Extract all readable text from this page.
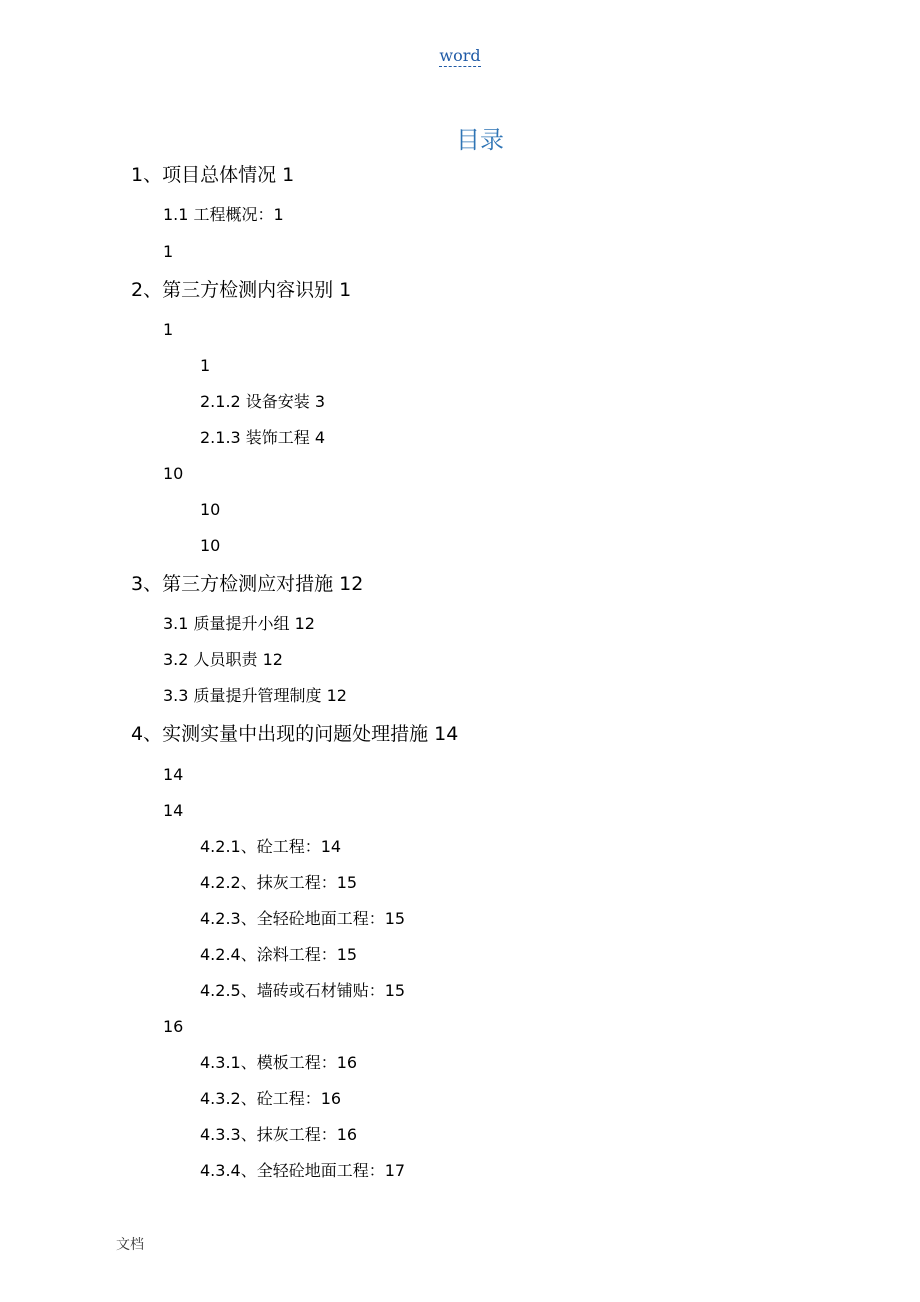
word
目录
1、项目总体情况 1
1.1 工程概况：1
1
2、第三方检测内容识别 1
1
1
2.1.2 设备安装 3
2.1.3 装饰工程 4
10
10
10
3、第三方检测应对措施 12
3.1 质量提升小组 12
3.2 人员职责 12
3.3 质量提升管理制度 12
4、实测实量中出现的问题处理措施 14
14
14
4.2.1、砼工程：14
4.2.2、抹灰工程：15
4.2.3、全轻砼地面工程：15
4.2.4、涂料工程：15
4.2.5、墙砖或石材铺贴：15
16
4.3.1、模板工程：16
4.3.2、砼工程：16
4.3.3、抹灰工程：16
4.3.4、全轻砼地面工程：17
文档
